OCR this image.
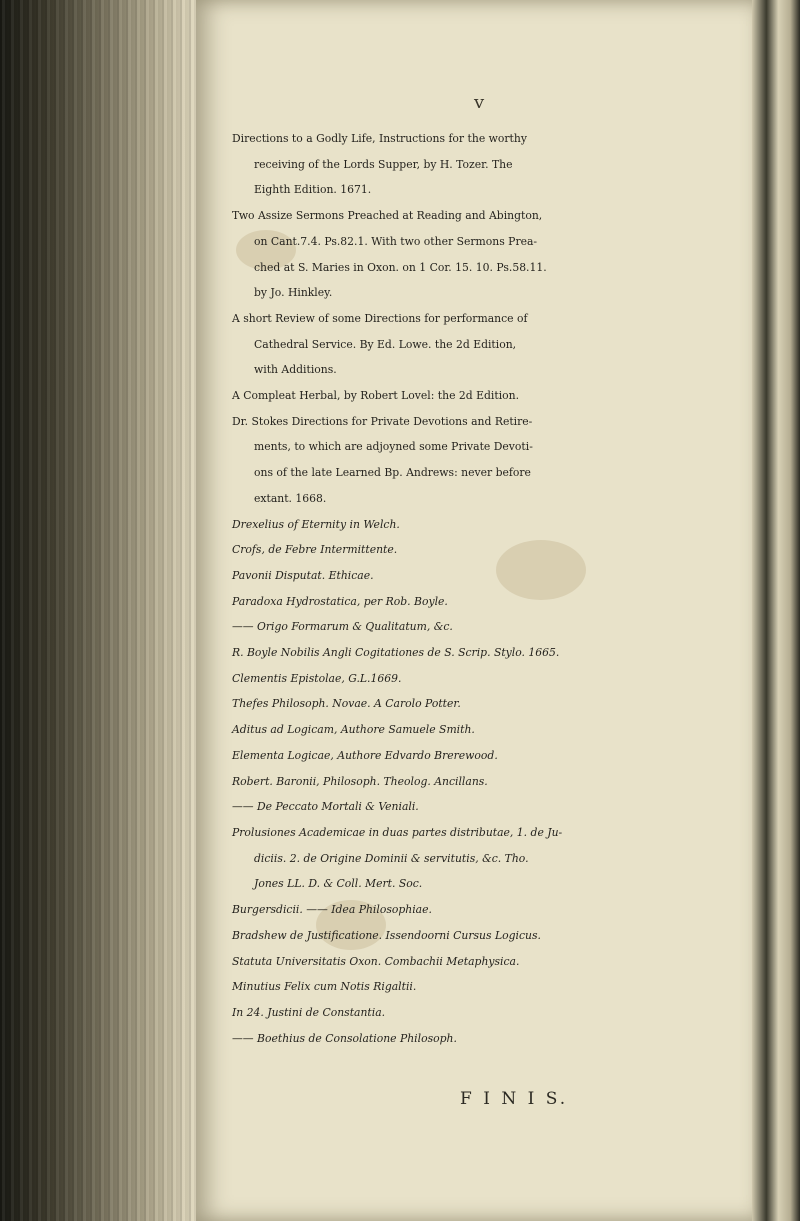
v
Directions to a Godly Life, Instructions for the worthy
receiving of the Lords Supper, by H. Tozer. The
Eighth Edition. 1671.
Two Assize Sermons Preached at Reading and Abington,
on Cant.7.4. Ps.82.1. With two other Sermons Prea-
ched at S. Maries in Oxon. on 1 Cor. 15. 10. Ps.58.11.
by Jo. Hinkley.
A short Review of some Directions for performance of
Cathedral Service. By Ed. Lowe. the 2d Edition,
with Additions.
A Compleat Herbal, by Robert Lovel: the 2d Edition.
Dr. Stokes Directions for Private Devotions and Retire-
ments, to which are adjoyned some Private Devoti-
ons of the late Learned Bp. Andrews: never before
extant. 1668.
Drexelius of Eternity in Welch.
Crofs, de Febre Intermittente.
Pavonii Disputat. Ethicae.
Paradoxa Hydrostatica, per Rob. Boyle.
—— Origo Formarum & Qualitatum, &c.
R. Boyle Nobilis Angli Cogitationes de S. Scrip. Stylo. 1665.
Clementis Epistolae, G.L.1669.
Thefes Philosoph. Novae. A Carolo Potter.
Aditus ad Logicam, Authore Samuele Smith.
Elementa Logicae, Authore Edvardo Brerewood.
Robert. Baronii, Philosoph. Theolog. Ancillans.
—— De Peccato Mortali & Veniali.
Prolusiones Academicae in duas partes distributae, 1. de Ju-
diciis. 2. de Origine Dominii & servitutis, &c. Tho.
Jones LL. D. & Coll. Mert. Soc.
Burgersdicii. —— Idea Philosophiae.
Bradshew de Justificatione. Issendoorni Cursus Logicus.
Statuta Universitatis Oxon. Combachii Metaphysica.
Minutius Felix cum Notis Rigaltii.
In 24. Justini de Constantia.
—— Boethius de Consolatione Philosoph.
F I N I S.
